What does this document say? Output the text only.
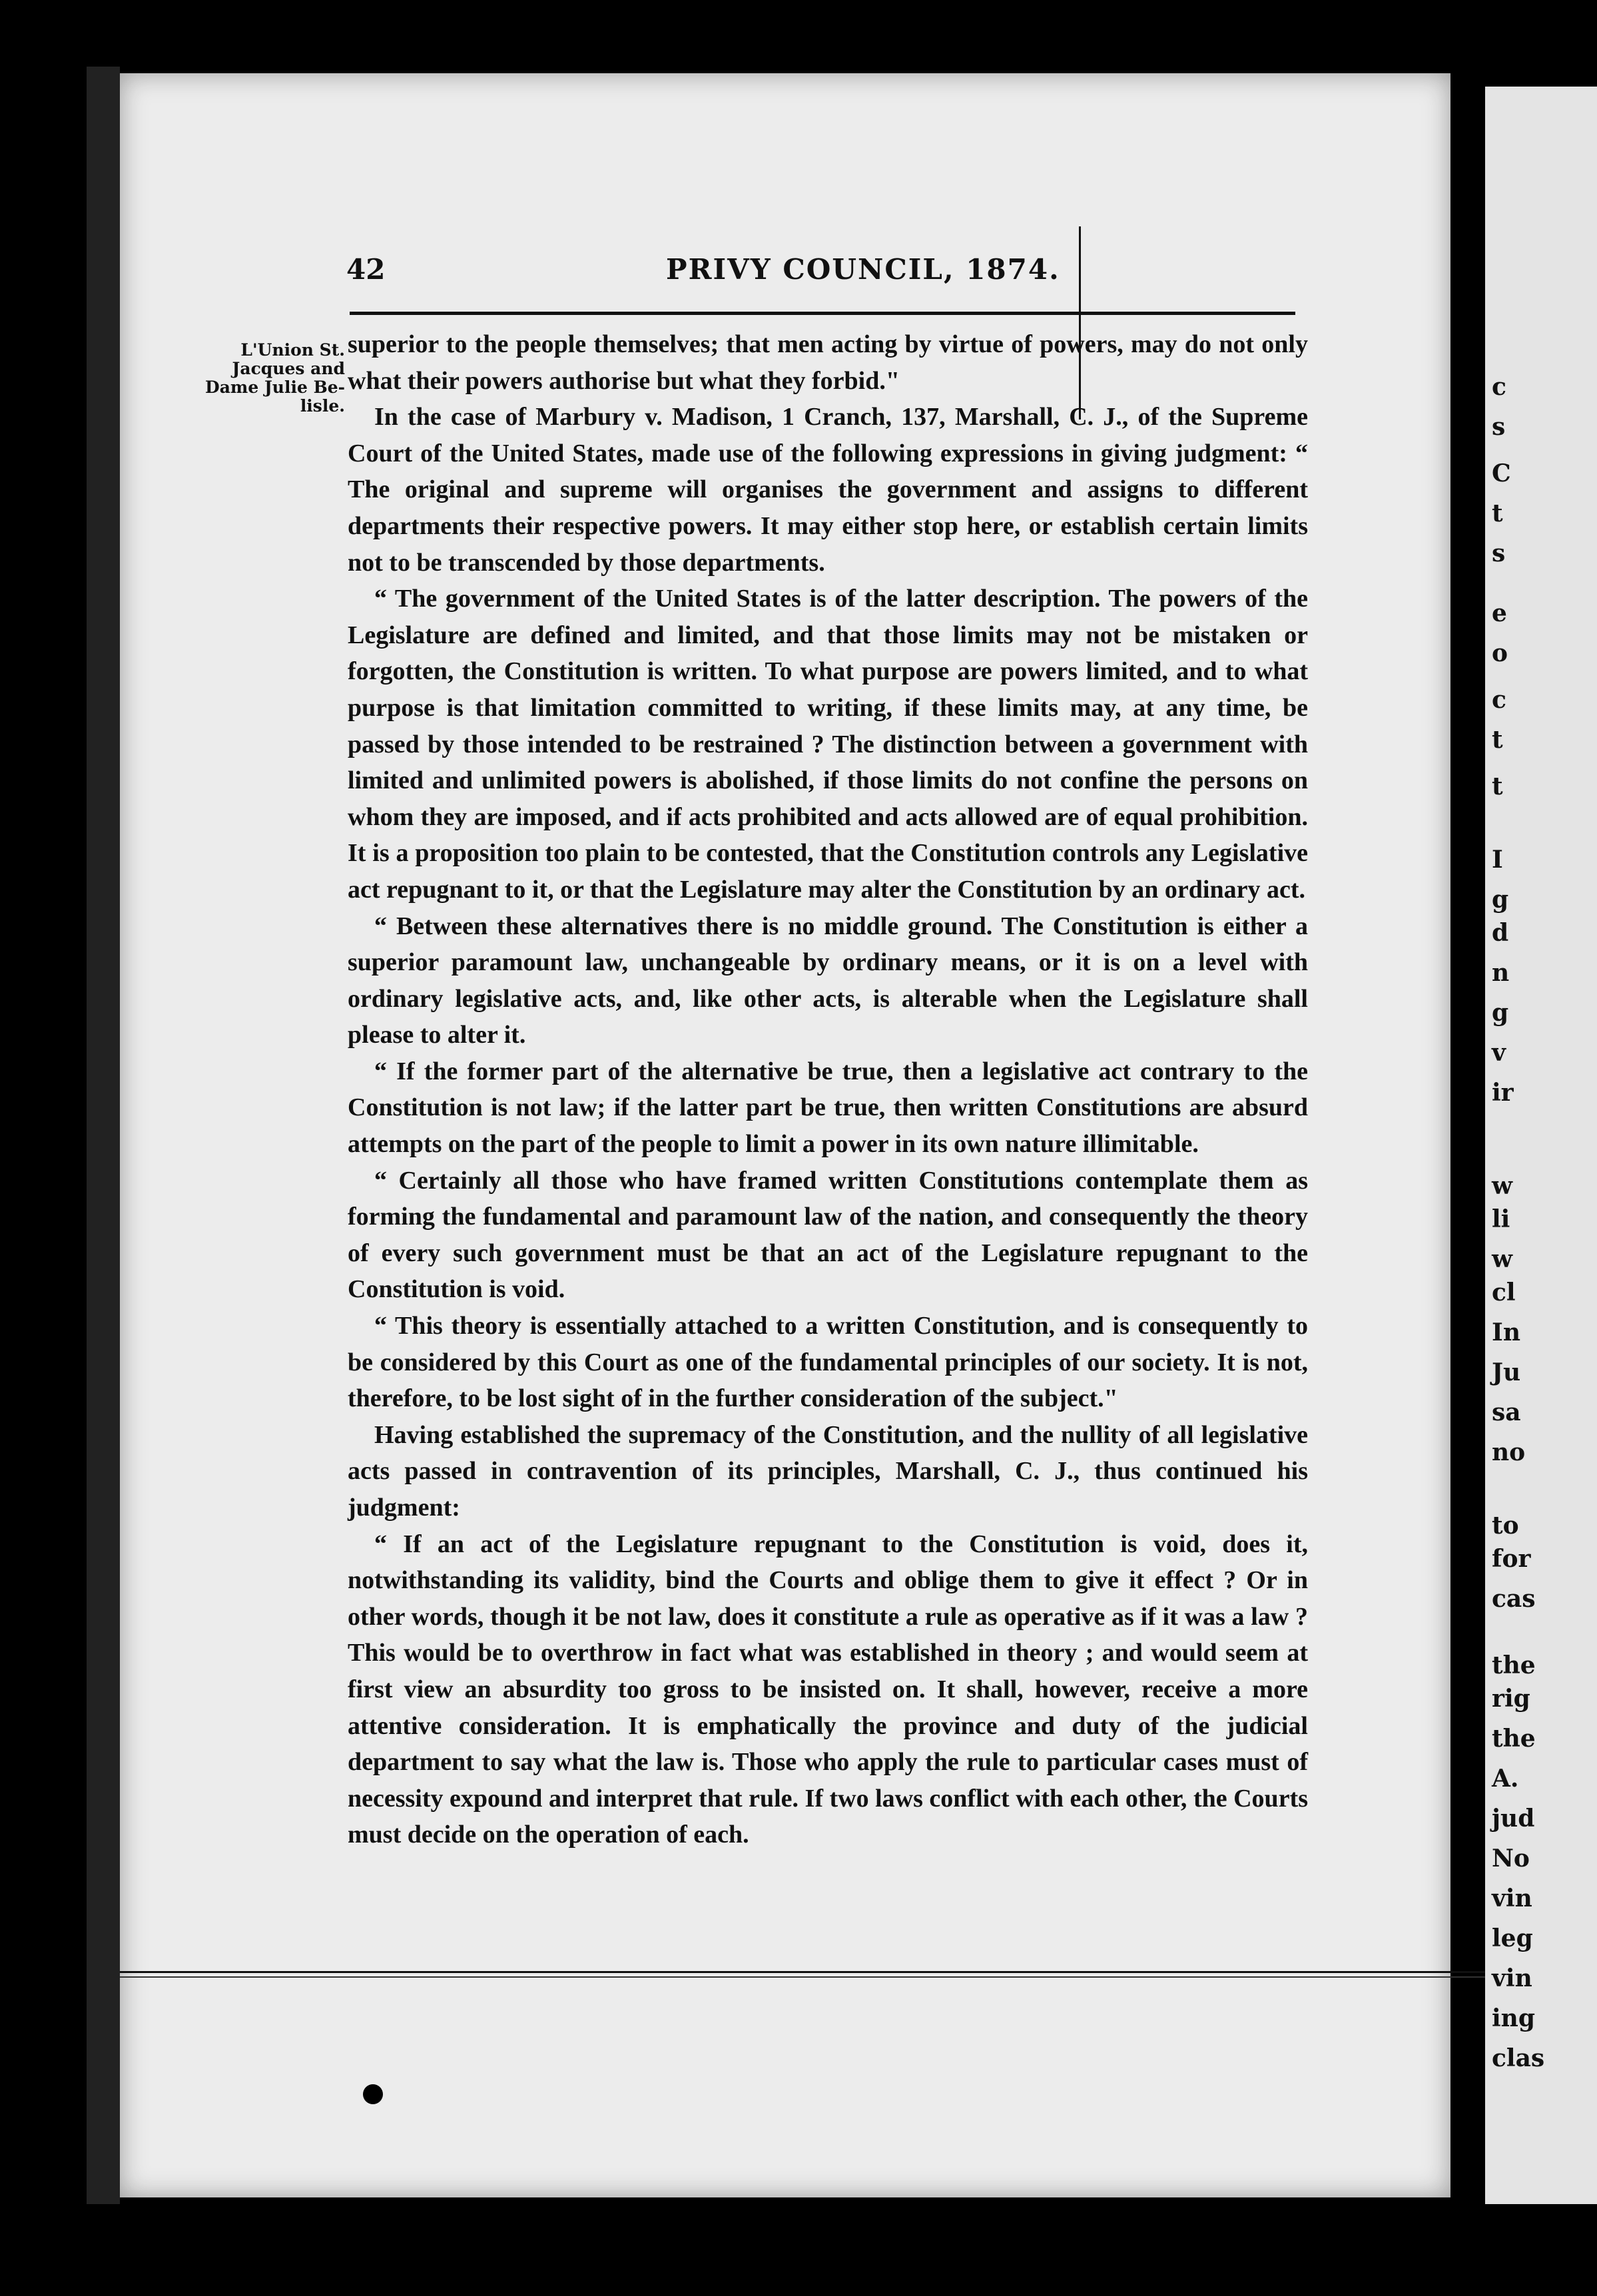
c
s
C
t
s
e
o
c
t
t
I
g
d
n
g
v
ir
w
li
w
cl
In
Ju
sa
no
to
for
cas
the
rig
the
A.
jud
No
vin
leg
vin
ing
clas
42	PRIVY COUNCIL, 1874.
L'Union St.
Jacques and
Dame Julie Be-
lisle.

superior to the people themselves; that men acting by virtue of powers, may do not only what their powers authorise but what they forbid."

In the case of Marbury v. Madison, 1 Cranch, 137, Marshall, C. J., of the Supreme Court of the United States, made use of the following expressions in giving judgment: “ The original and supreme will organises the government and assigns to different departments their respective powers. It may either stop here, or establish certain limits not to be transcended by those departments.

“ The government of the United States is of the latter description. The powers of the Legislature are defined and limited, and that those limits may not be mistaken or forgotten, the Constitution is written. To what purpose are powers limited, and to what purpose is that limitation committed to writing, if these limits may, at any time, be passed by those intended to be restrained ? The distinction between a government with limited and unlimited powers is abolished, if those limits do not confine the persons on whom they are imposed, and if acts prohibited and acts allowed are of equal prohibition. It is a proposition too plain to be contested, that the Constitution controls any Legislative act repugnant to it, or that the Legislature may alter the Constitution by an ordinary act.

“ Between these alternatives there is no middle ground. The Constitution is either a superior paramount law, unchangeable by ordinary means, or it is on a level with ordinary legislative acts, and, like other acts, is alterable when the Legislature shall please to alter it.

“ If the former part of the alternative be true, then a legislative act contrary to the Constitution is not law; if the latter part be true, then written Constitutions are absurd attempts on the part of the people to limit a power in its own nature illimitable.

“ Certainly all those who have framed written Constitutions contemplate them as forming the fundamental and paramount law of the nation, and consequently the theory of every such government must be that an act of the Legislature repugnant to the Constitution is void.

“ This theory is essentially attached to a written Constitution, and is consequently to be considered by this Court as one of the fundamental principles of our society. It is not, therefore, to be lost sight of in the further consideration of the subject."

Having established the supremacy of the Constitution, and the nullity of all legislative acts passed in contravention of its principles, Marshall, C. J., thus continued his judgment:

“ If an act of the Legislature repugnant to the Constitution is void, does it, notwithstanding its validity, bind the Courts and oblige them to give it effect ? Or in other words, though it be not law, does it constitute a rule as operative as if it was a law ? This would be to overthrow in fact what was established in theory ; and would seem at first view an absurdity too gross to be insisted on. It shall, however, receive a more attentive consideration. It is emphatically the province and duty of the judicial department to say what the law is. Those who apply the rule to particular cases must of necessity expound and interpret that rule. If two laws conflict with each other, the Courts must decide on the operation of each.
